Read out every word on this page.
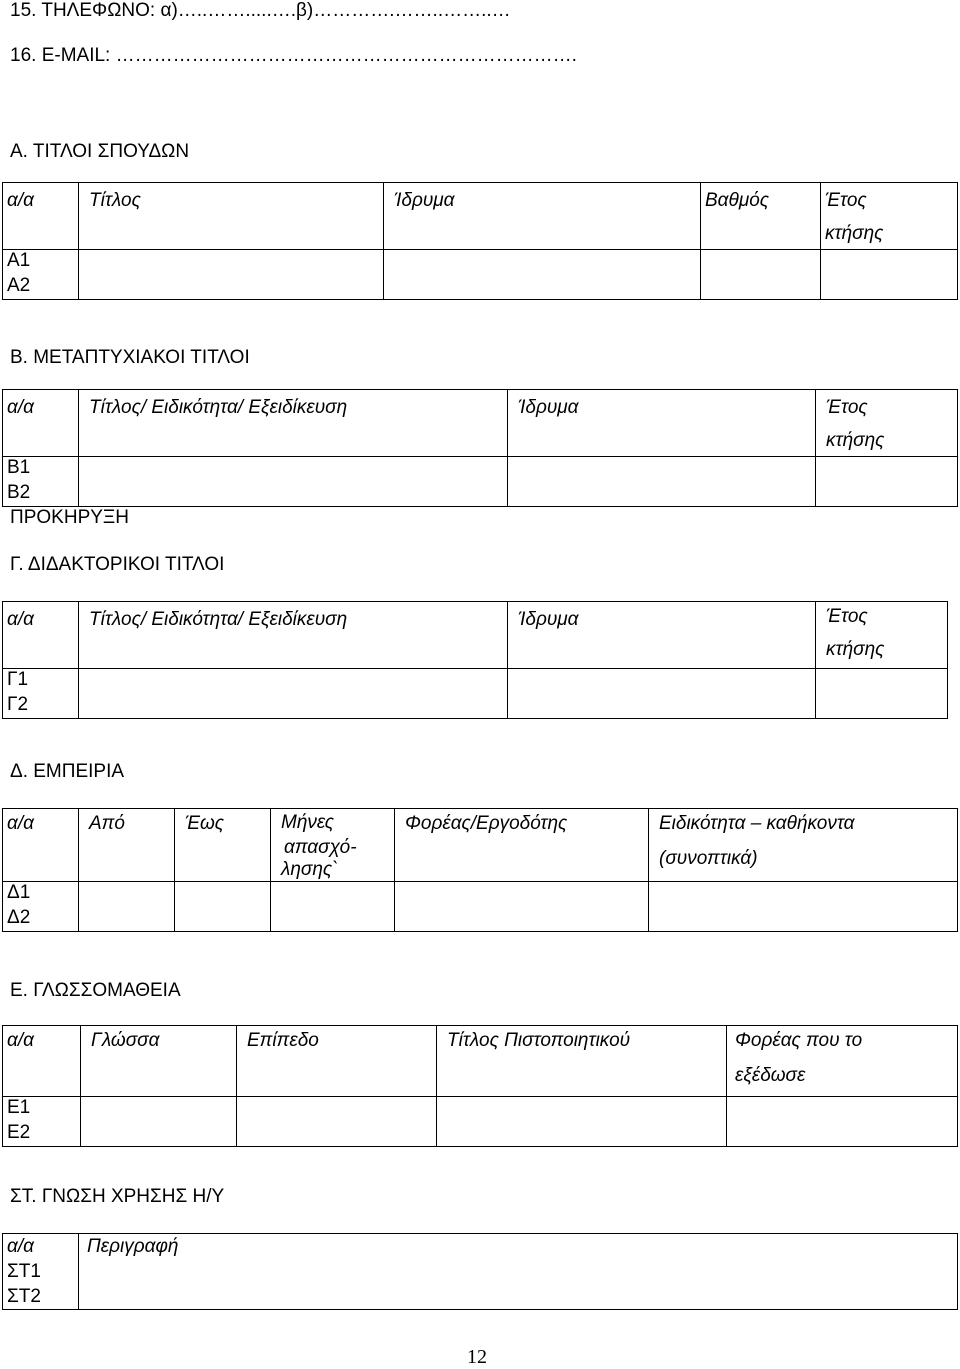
15. ΤΗΛΕΦΩΝΟ: α)…..…….....….β)………….……..……..…
16. E-MAIL: ……………………………………………………………….
Α. ΤΙΤΛΟΙ ΣΠΟΥΔΩΝ
α/α	Τίτλος	Ίδρυμα	Βαθμός	Έτος
κτήσης

Α1				
Α2				
Β. ΜΕΤΑΠΤΥΧΙΑΚΟΙ ΤΙΤΛΟΙ
α/α	Τίτλος/ Ειδικότητα/ Εξειδίκευση	Ίδρυμα	Έτος
κτήσης

Β1			
Β2			
ΠΡΟΚΗΡΥΞΗ
Γ. ΔΙΔΑΚΤΟΡΙΚΟΙ ΤΙΤΛΟΙ
α/α	Τίτλος/ Ειδικότητα/ Εξειδίκευση	Ίδρυμα	Έτος
κτήσης

Γ1			
Γ2			
Δ. ΕΜΠΕΙΡΙΑ
α/α	Από	Έως	Μήνες
απασχό-
λησης`	Φορέας/Εργοδότης	Ειδικότητα – καθήκοντα
(συνοπτικά)

Δ1					
Δ2					
Ε. ΓΛΩΣΣΟΜΑΘΕΙΑ
α/α	Γλώσσα	Επίπεδο	Τίτλος Πιστοποιητικού	Φορέας που το
εξέδωσε

Ε1				
Ε2				
ΣΤ. ΓΝΩΣΗ ΧΡΗΣΗΣ Η/Υ
α/α	Περιγραφή
ΣΤ1	
ΣΤ2	
12
